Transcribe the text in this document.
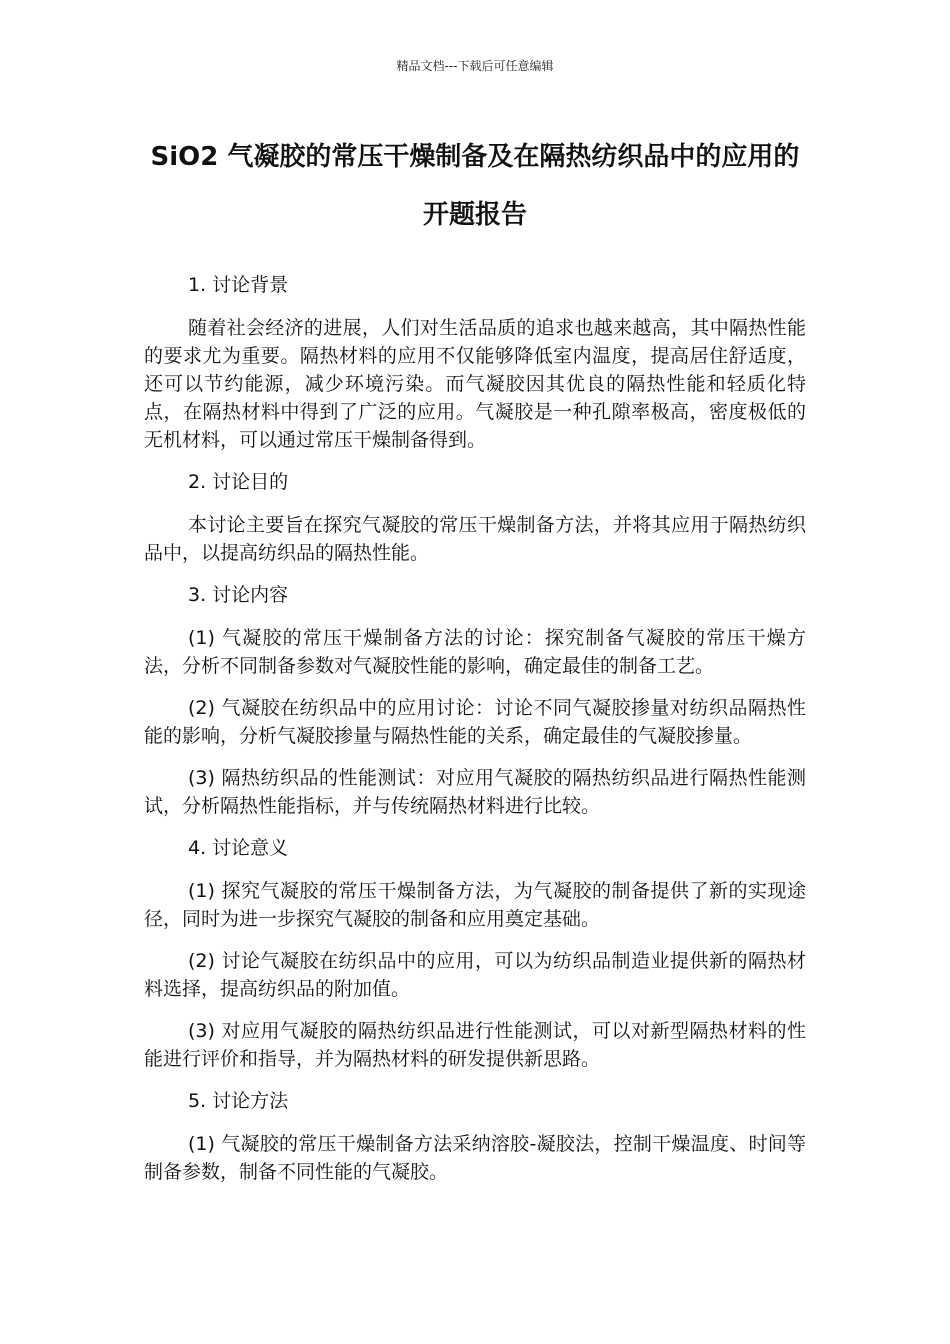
精品文档---下载后可任意编辑
SiO2 气凝胶的常压干燥制备及在隔热纺织品中的应用的开题报告

1. 讨论背景

随着社会经济的进展，人们对生活品质的追求也越来越高，其中隔热性能的要求尤为重要。隔热材料的应用不仅能够降低室内温度，提高居住舒适度，还可以节约能源，减少环境污染。而气凝胶因其优良的隔热性能和轻质化特点，在隔热材料中得到了广泛的应用。气凝胶是一种孔隙率极高，密度极低的无机材料，可以通过常压干燥制备得到。

2. 讨论目的

本讨论主要旨在探究气凝胶的常压干燥制备方法，并将其应用于隔热纺织品中，以提高纺织品的隔热性能。

3. 讨论内容

(1) 气凝胶的常压干燥制备方法的讨论：探究制备气凝胶的常压干燥方法，分析不同制备参数对气凝胶性能的影响，确定最佳的制备工艺。

(2) 气凝胶在纺织品中的应用讨论：讨论不同气凝胶掺量对纺织品隔热性能的影响，分析气凝胶掺量与隔热性能的关系，确定最佳的气凝胶掺量。

(3) 隔热纺织品的性能测试：对应用气凝胶的隔热纺织品进行隔热性能测试，分析隔热性能指标，并与传统隔热材料进行比较。

4. 讨论意义

(1) 探究气凝胶的常压干燥制备方法，为气凝胶的制备提供了新的实现途径，同时为进一步探究气凝胶的制备和应用奠定基础。

(2) 讨论气凝胶在纺织品中的应用，可以为纺织品制造业提供新的隔热材料选择，提高纺织品的附加值。

(3) 对应用气凝胶的隔热纺织品进行性能测试，可以对新型隔热材料的性能进行评价和指导，并为隔热材料的研发提供新思路。

5. 讨论方法

(1) 气凝胶的常压干燥制备方法采纳溶胶-凝胶法，控制干燥温度、时间等制备参数，制备不同性能的气凝胶。
